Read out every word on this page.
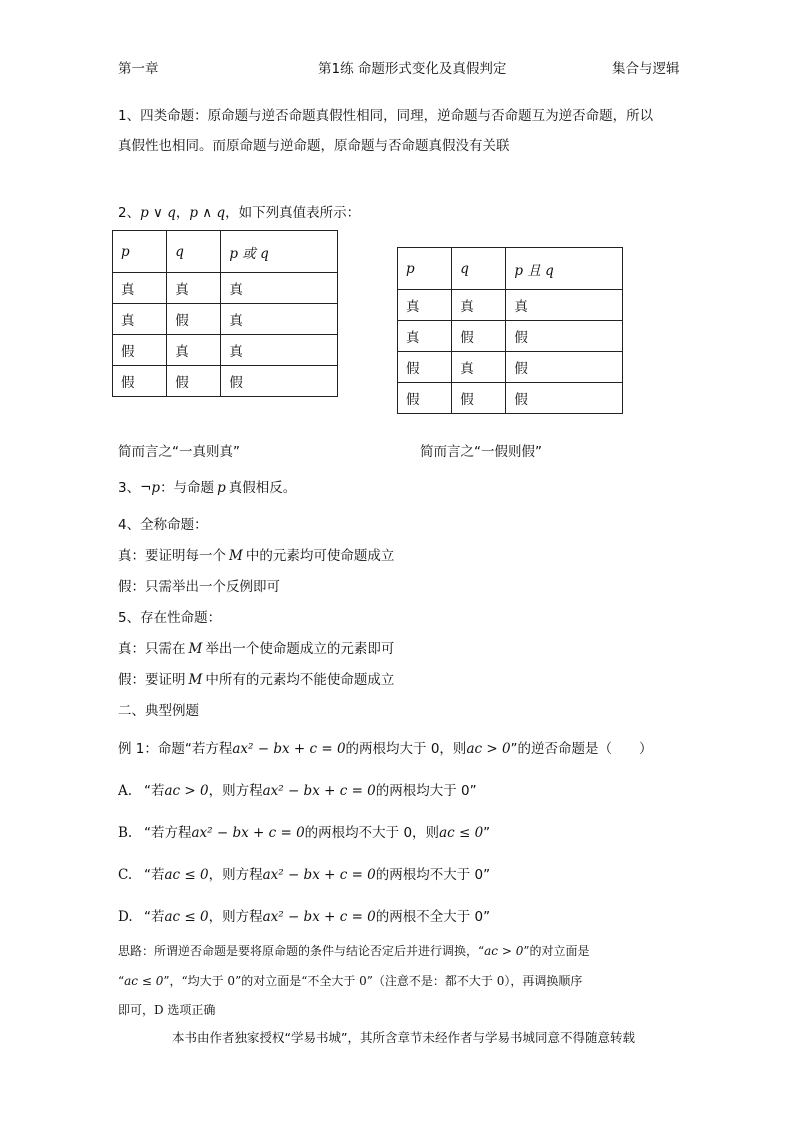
第一章	第1练 命题形式变化及真假判定	集合与逻辑
1、四类命题：原命题与逆否命题真假性相同，同理，逆命题与否命题互为逆否命题，所以
真假性也相同。而原命题与逆命题，原命题与否命题真假没有关联
2、p ∨ q，p ∧ q，如下列真值表所示：
p	q	p 或 q
真	真	真
真	假	真
假	真	真
假	假	假
p	q	p 且 q
真	真	真
真	假	假
假	真	假
假	假	假
简而言之“一真则真”	简而言之“一假则假”
3、¬p：与命题 p 真假相反。
4、全称命题：
真：要证明每一个 M 中的元素均可使命题成立
假：只需举出一个反例即可
5、存在性命题：
真：只需在 M 举出一个使命题成立的元素即可
假：要证明 M 中所有的元素均不能使命题成立
二、典型例题
例 1：命题“若方程ax² − bx + c = 0的两根均大于 0，则ac > 0”的逆否命题是（　　）
A. “若ac > 0，则方程ax² − bx + c = 0的两根均大于 0”
B. “若方程ax² − bx + c = 0的两根均不大于 0，则ac ≤ 0”
C. “若ac ≤ 0，则方程ax² − bx + c = 0的两根均不大于 0”
D. “若ac ≤ 0，则方程ax² − bx + c = 0的两根不全大于 0”
思路：所谓逆否命题是要将原命题的条件与结论否定后并进行调换，“ac > 0”的对立面是
“ac ≤ 0”，“均大于 0”的对立面是“不全大于 0”（注意不是：都不大于 0），再调换顺序
即可，D 选项正确
本书由作者独家授权“学易书城”，其所含章节未经作者与学易书城同意不得随意转载
